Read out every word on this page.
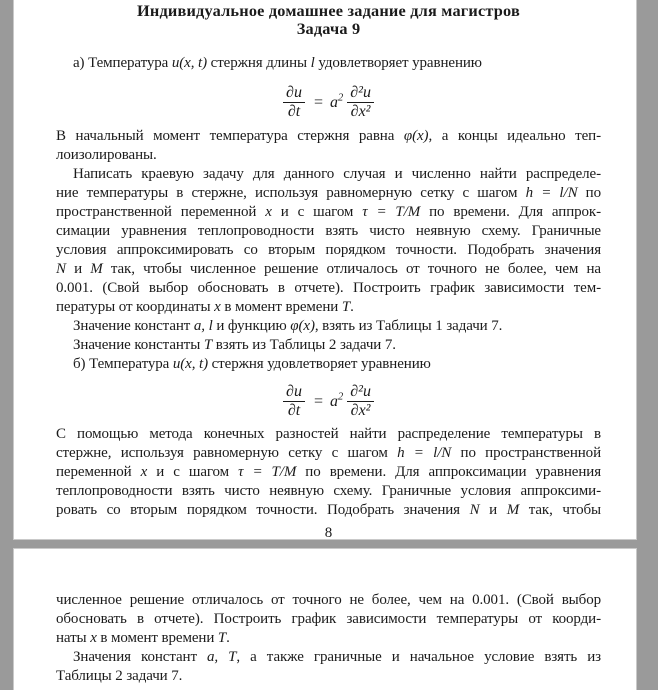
Индивидуальное домашнее задание для магистров
Задача 9
а) Температура u(x, t) стержня длины l удовлетворяет уравнению
$\frac{\partial u}{\partial t} = a^2 \frac{\text{∂²u}}{\text{∂x²}}$
В начальный момент температура стержня равна φ(x), а концы идеально теп-
лоизолированы.
Написать краевую задачу для данного случая и численно найти распределе-
ние температуры в стержне, используя равномерную сетку с шагом h = l/N по
пространственной переменной x и с шагом τ = T/M по времени. Для аппрок-
симации уравнения теплопроводности взять чисто неявную схему. Граничные
условия аппроксимировать со вторым порядком точности. Подобрать значения
N и M так, чтобы численное решение отличалось от точного не более, чем на
0.001. (Свой выбор обосновать в отчете). Построить график зависимости тем-
пературы от координаты x в момент времени T.
Значение констант a, l и функцию φ(x), взять из Таблицы 1 задачи 7.
Значение константы T взять из Таблицы 2 задачи 7.
б) Температура u(x, t) стержня удовлетворяет уравнению
$\frac{\partial u}{\partial t} = a^2 \frac{\text{∂²u}}{\text{∂x²}}$
С помощью метода конечных разностей найти распределение температуры в
стержне, используя равномерную сетку с шагом h = l/N по пространственной
переменной x и с шагом τ = T/M по времени. Для аппроксимации уравнения
теплопроводности взять чисто неявную схему. Граничные условия аппроксими-
ровать со вторым порядком точности. Подобрать значения N и M так, чтобы
8
численное решение отличалось от точного не более, чем на 0.001. (Свой выбор
обосновать в отчете). Построить график зависимости температуры от коорди-
наты x в момент времени T.
Значения констант a, T, а также граничные и начальное условие взять из
Таблицы 2 задачи 7.
